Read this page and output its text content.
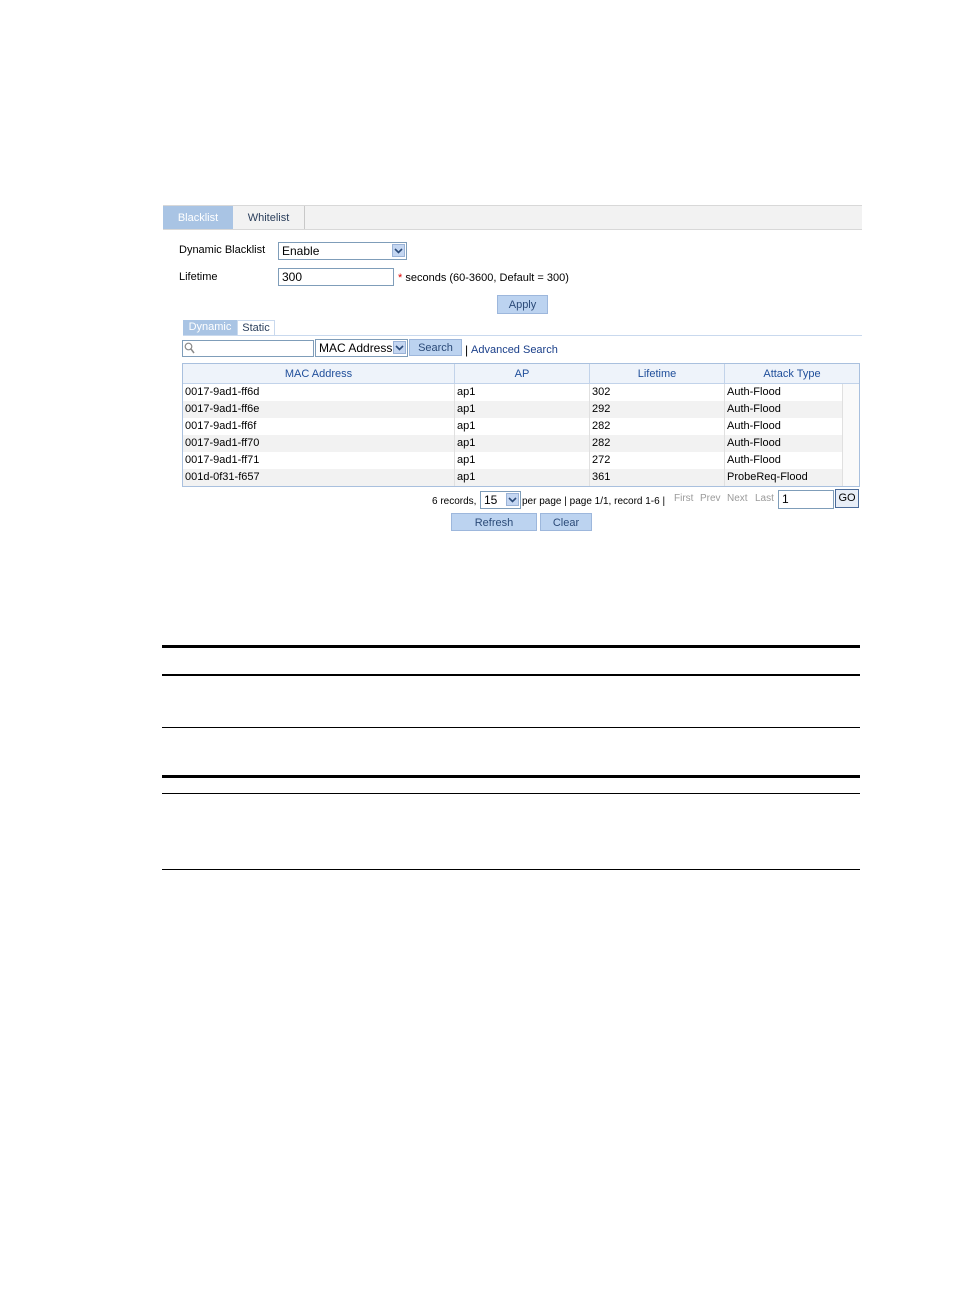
Blacklist	Whitelist
Dynamic Blacklist Enable
Lifetime	300	* seconds (60-3600, Default = 300)
Apply
Dynamic Static
MAC Address	Search	| Advanced Search
MAC Address	AP	Lifetime	Attack Type
0017-9ad1-ff6d	ap1	302	Auth-Flood
0017-9ad1-ff6e	ap1	292	Auth-Flood
0017-9ad1-ff6f	ap1	282	Auth-Flood
0017-9ad1-ff70	ap1	282	Auth-Flood
0017-9ad1-ff71	ap1	272	Auth-Flood
001d-0f31-f657	ap1	361	ProbeReq-Flood
6 records, 15 per page | page 1/1, record 1-6 | First Prev Next Last 1	GO
Refresh	Clear
